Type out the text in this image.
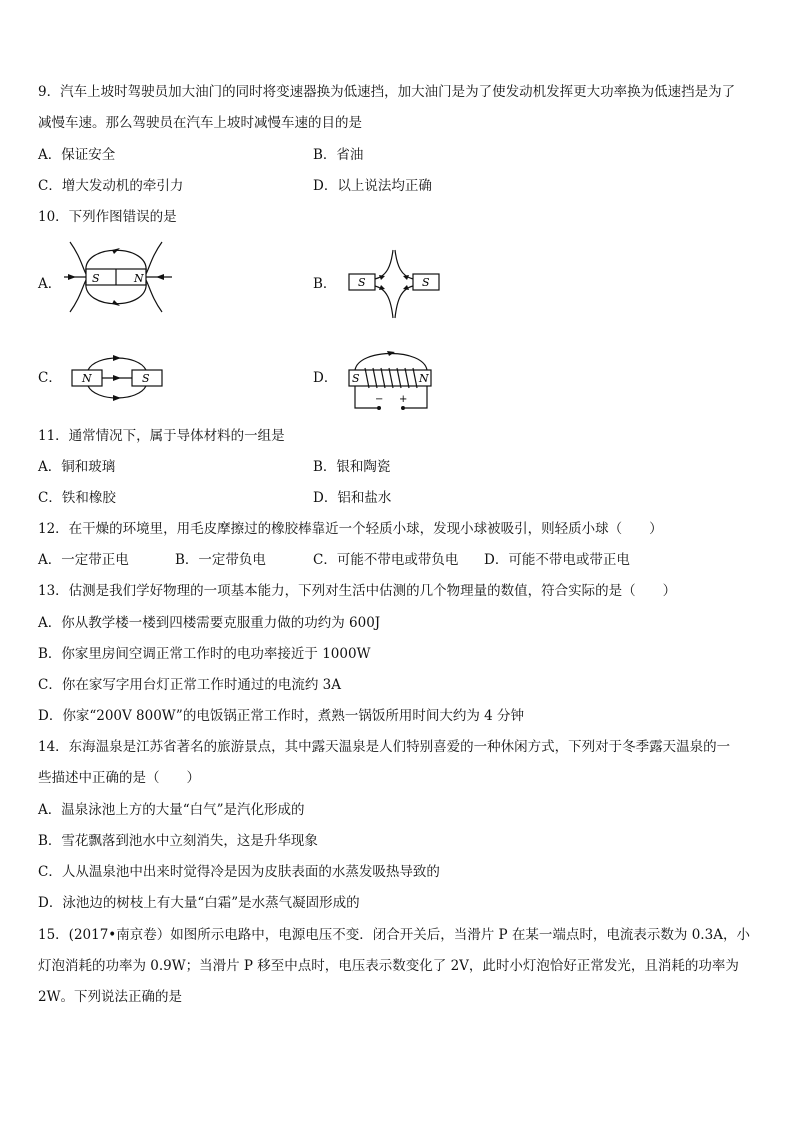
9．汽车上坡时驾驶员加大油门的同时将变速器换为低速挡，加大油门是为了使发动机发挥更大功率换为低速挡是为了
减慢车速。那么驾驶员在汽车上坡时减慢车速的目的是
A．保证安全	B．省油
C．增大发动机的牵引力	D．以上说法均正确
10．下列作图错误的是
A．	S	N	B． S	S
C． N	S	D． S	N
− +
11．通常情况下，属于导体材料的一组是
A．铜和玻璃	B．银和陶瓷
C．铁和橡胶	D．铝和盐水
12．在干燥的环境里，用毛皮摩擦过的橡胶棒靠近一个轻质小球，发现小球被吸引，则轻质小球（　　）
A．一定带正电	B．一定带负电	C．可能不带电或带负电 D．可能不带电或带正电
13．估测是我们学好物理的一项基本能力，下列对生活中估测的几个物理量的数值，符合实际的是（　　）
A．你从教学楼一楼到四楼需要克服重力做的功约为 600J
B．你家里房间空调正常工作时的电功率接近于 1000W
C．你在家写字用台灯正常工作时通过的电流约 3A
D．你家“200V 800W”的电饭锅正常工作时，煮熟一锅饭所用时间大约为 4 分钟
14．东海温泉是江苏省著名的旅游景点，其中露天温泉是人们特别喜爱的一种休闲方式，下列对于冬季露天温泉的一
些描述中正确的是（　　）
A．温泉泳池上方的大量“白气”是汽化形成的
B．雪花飘落到池水中立刻消失，这是升华现象
C．人从温泉池中出来时觉得冷是因为皮肤表面的水蒸发吸热导致的
D．泳池边的树枝上有大量“白霜”是水蒸气凝固形成的
15．(2017•南京卷）如图所示电路中，电源电压不变．闭合开关后，当滑片 P 在某一端点时，电流表示数为 0.3A，小
灯泡消耗的功率为 0.9W；当滑片 P 移至中点时，电压表示数变化了 2V，此时小灯泡恰好正常发光，且消耗的功率为
2W。下列说法正确的是
